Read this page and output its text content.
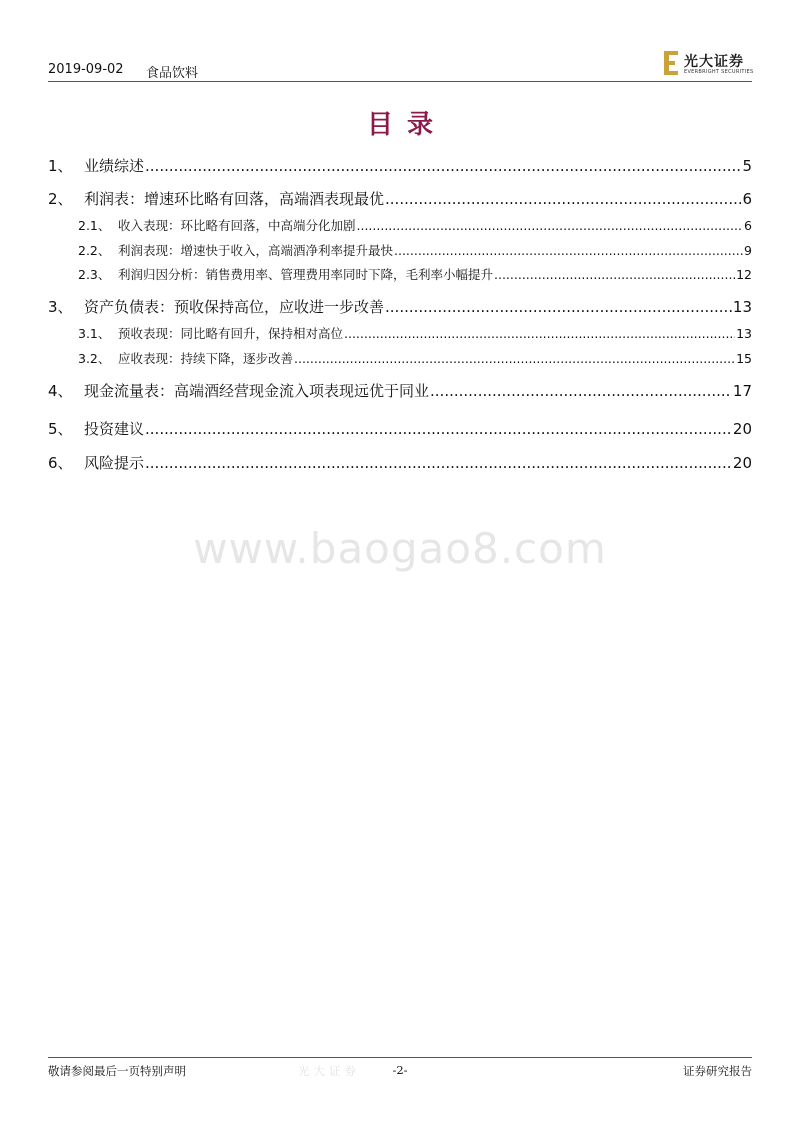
2019-09-02 食品饮料
光大证券
EVERBRIGHT SECURITIES
目录
1、 业绩综述 .....	5
2、 利润表：增速环比略有回落，高端酒表现最优 .....	6
2.1、 收入表现：环比略有回落，中高端分化加剧 .....	6
2.2、 利润表现：增速快于收入，高端酒净利率提升最快 .....	9
2.3、 利润归因分析：销售费用率、管理费用率同时下降，毛利率小幅提升 .....	12
3、 资产负债表：预收保持高位，应收进一步改善 .....	13
3.1、 预收表现：同比略有回升，保持相对高位 .....	13
3.2、 应收表现：持续下降，逐步改善 .....	15
4、 现金流量表：高端酒经营现金流入项表现远优于同业 .....	17
5、 投资建议 .....	20
6、 风险提示 .....	20
www.baogao8.com
敬请参阅最后一页特别声明	光大证券	-2-	证券研究报告
